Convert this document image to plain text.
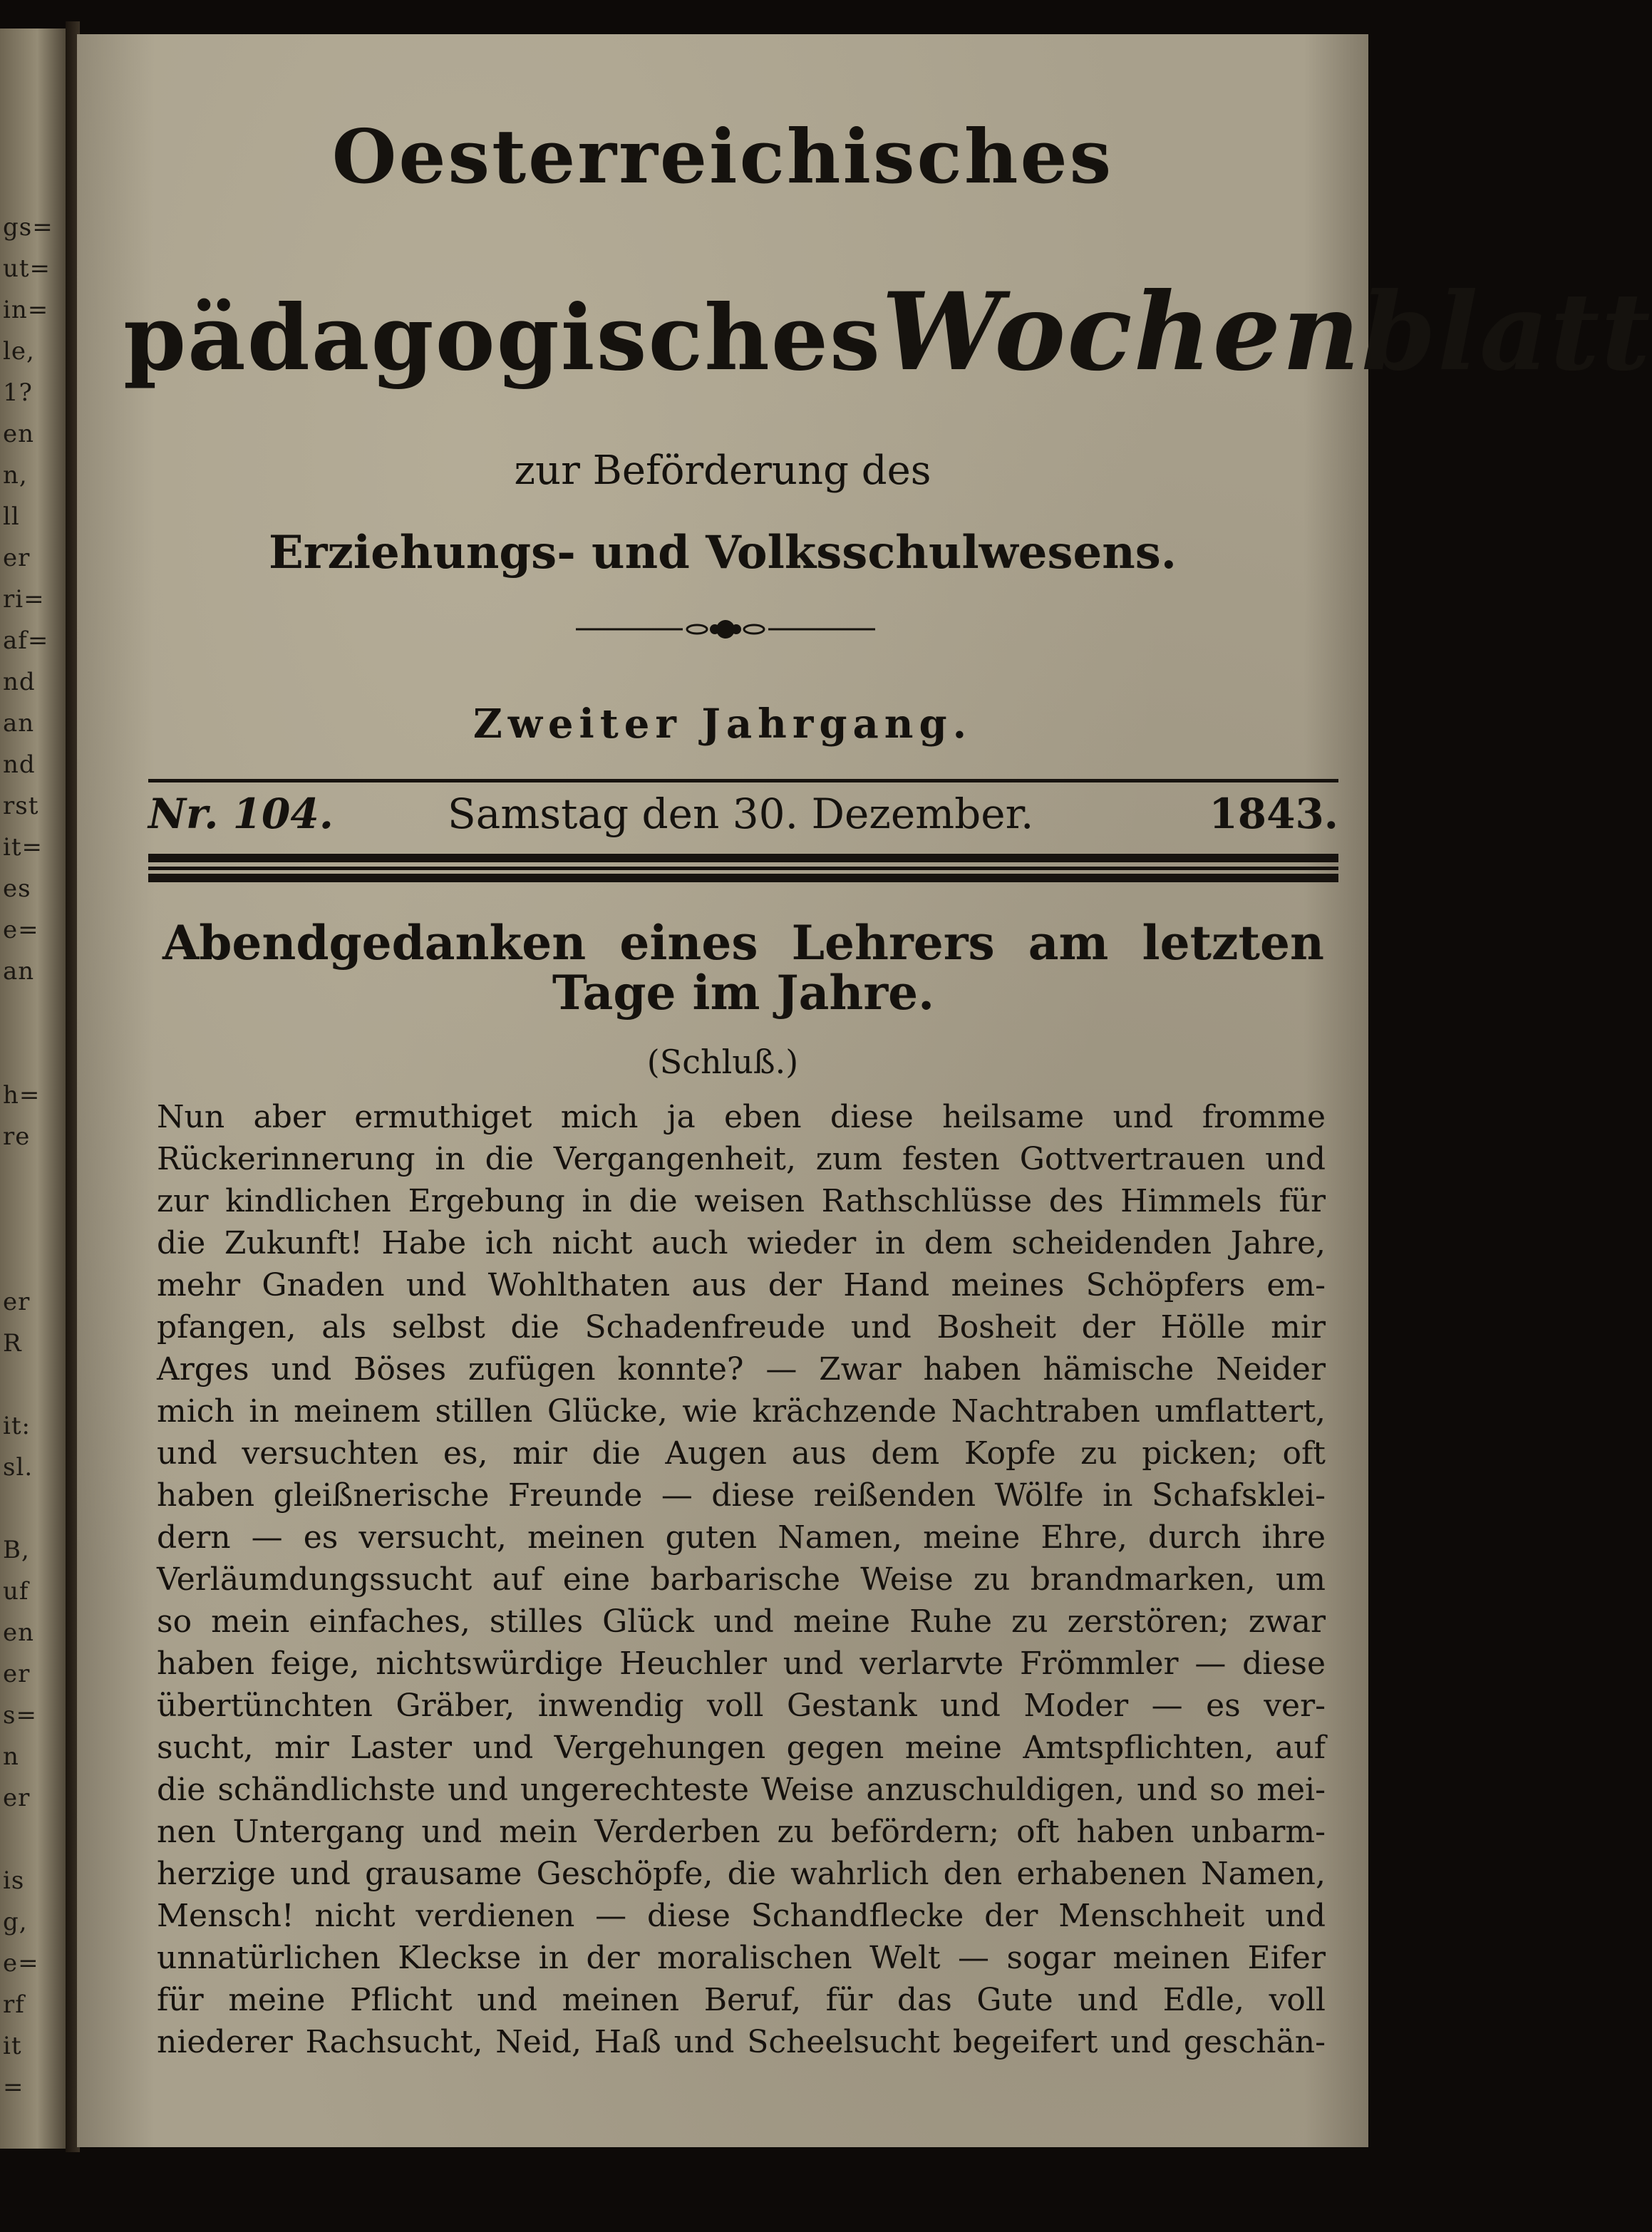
gs=
ut=
in=
le,
1?
en
n,
ll
er
ri=
af=
nd
an
nd
rst
it=
es
e=
an
h=
re
er
R
it:
sl.
B,
uf
en
er
s=
n
er
is
g,
e=
rf
it
=
Oesterreichisches
pädagogischesWochenblatt
zur Beförderung des
Erziehungs- und Volksschulwesens.
Zweiter Jahrgang.
Nr. 104.	Samstag den 30. Dezember.	1843.
Abendgedanken eines Lehrers am letzten
Tage im Jahre.
(Schluß.)
Nun aber ermuthiget mich ja eben diese heilsame und fromme
Rückerinnerung in die Vergangenheit, zum festen Gottvertrauen und
zur kindlichen Ergebung in die weisen Rathschlüsse des Himmels für
die Zukunft! Habe ich nicht auch wieder in dem scheidenden Jahre,
mehr Gnaden und Wohlthaten aus der Hand meines Schöpfers em-
pfangen, als selbst die Schadenfreude und Bosheit der Hölle mir
Arges und Böses zufügen konnte? — Zwar haben hämische Neider
mich in meinem stillen Glücke, wie krächzende Nachtraben umflattert,
und versuchten es, mir die Augen aus dem Kopfe zu picken; oft
haben gleißnerische Freunde — diese reißenden Wölfe in Schafsklei-
dern — es versucht, meinen guten Namen, meine Ehre, durch ihre
Verläumdungssucht auf eine barbarische Weise zu brandmarken, um
so mein einfaches, stilles Glück und meine Ruhe zu zerstören; zwar
haben feige, nichtswürdige Heuchler und verlarvte Frömmler — diese
übertünchten Gräber, inwendig voll Gestank und Moder — es ver-
sucht, mir Laster und Vergehungen gegen meine Amtspflichten, auf
die schändlichste und ungerechteste Weise anzuschuldigen, und so mei-
nen Untergang und mein Verderben zu befördern; oft haben unbarm-
herzige und grausame Geschöpfe, die wahrlich den erhabenen Namen,
Mensch! nicht verdienen — diese Schandflecke der Menschheit und
unnatürlichen Kleckse in der moralischen Welt — sogar meinen Eifer
für meine Pflicht und meinen Beruf, für das Gute und Edle, voll
niederer Rachsucht, Neid, Haß und Scheelsucht begeifert und geschän-
